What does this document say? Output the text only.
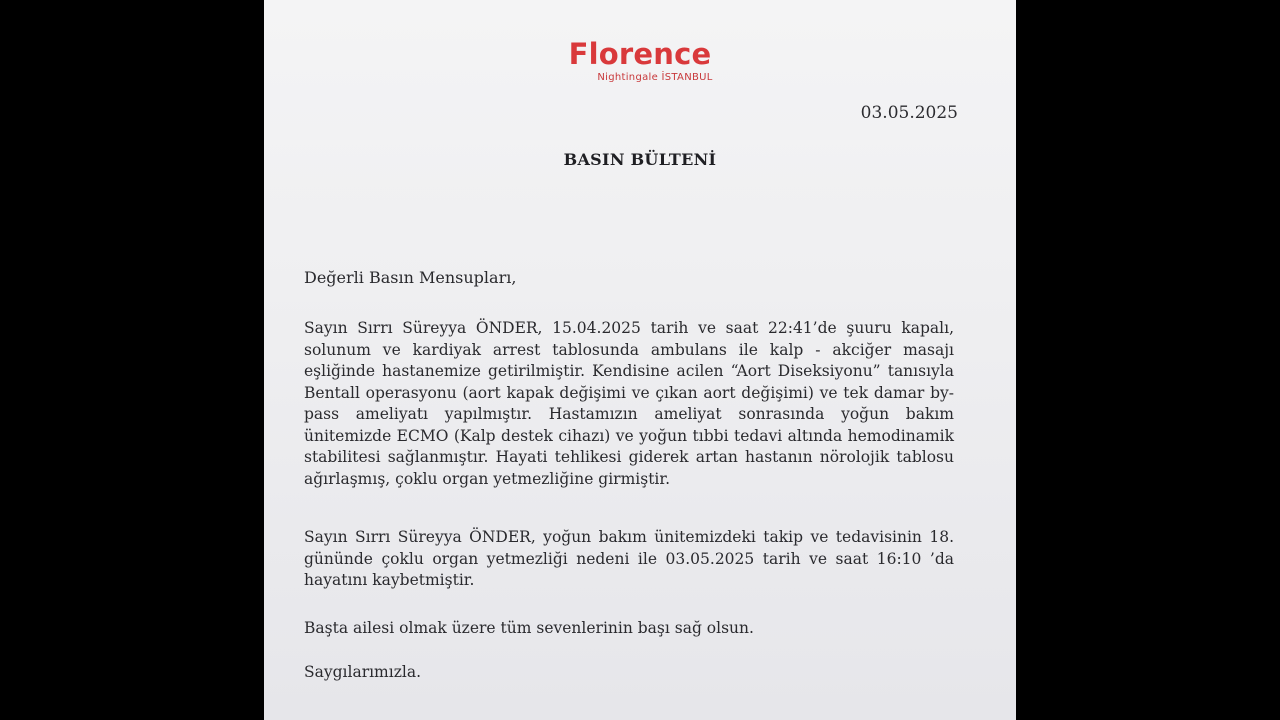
Florence
Nightingale İSTANBUL
03.05.2025
BASIN BÜLTENİ
Değerli Basın Mensupları,
Sayın Sırrı Süreyya ÖNDER, 15.04.2025 tarih ve saat 22:41’de şuuru kapalı, solunum ve kardiyak arrest tablosunda ambulans ile kalp - akciğer masajı eşliğinde hastanemize getirilmiştir. Kendisine acilen “Aort Diseksiyonu” tanısıyla Bentall operasyonu (aort kapak değişimi ve çıkan aort değişimi) ve tek damar by-pass ameliyatı yapılmıştır. Hastamızın ameliyat sonrasında yoğun bakım ünitemizde ECMO (Kalp destek cihazı) ve yoğun tıbbi tedavi altında hemodinamik stabilitesi sağlanmıştır. Hayati tehlikesi giderek artan hastanın nörolojik tablosu ağırlaşmış, çoklu organ yetmezliğine girmiştir.
Sayın Sırrı Süreyya ÖNDER, yoğun bakım ünitemizdeki takip ve tedavisinin 18. gününde çoklu organ yetmezliği nedeni ile 03.05.2025 tarih ve saat 16:10 ’da hayatını kaybetmiştir.
Başta ailesi olmak üzere tüm sevenlerinin başı sağ olsun.
Saygılarımızla.
